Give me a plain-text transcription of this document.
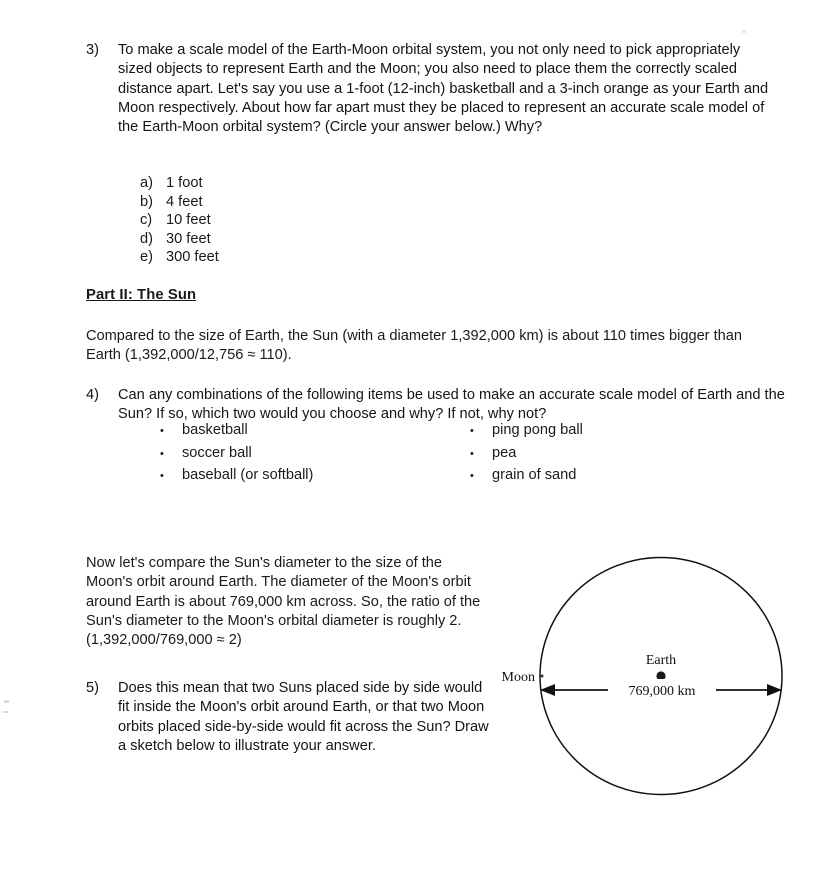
3)	To make a scale model of the Earth-Moon orbital system, you not only need to pick appropriately sized objects to represent Earth and the Moon; you also need to place them the correctly scaled distance apart. Let's say you use a 1-foot (12-inch) basketball and a 3-inch orange as your Earth and Moon respectively. About how far apart must they be placed to represent an accurate scale model of the Earth-Moon orbital system? (Circle your answer below.) Why?
a) 1 foot
b) 4 feet
c) 10 feet
d) 30 feet
e) 300 feet
Part II: The Sun
Compared to the size of Earth, the Sun (with a diameter 1,392,000 km) is about 110 times bigger than Earth (1,392,000/12,756 ≈ 110).
4)	Can any combinations of the following items be used to make an accurate scale model of Earth and the Sun? If so, which two would you choose and why? If not, why not?
•	basketball
•	soccer ball
•	baseball (or softball)
•	ping pong ball
•	pea
•	grain of sand
Now let's compare the Sun's diameter to the size of the Moon's orbit around Earth. The diameter of the Moon's orbit around Earth is about 769,000 km across. So, the ratio of the Sun's diameter to the Moon's orbital diameter is roughly 2. (1,392,000/769,000 ≈ 2)
5)	Does this mean that two Suns placed side by side would fit inside the Moon's orbit around Earth, or that two Moon orbits placed side-by-side would fit across the Sun? Draw a sketch below to illustrate your answer.
Earth
Moon
769,000 km
